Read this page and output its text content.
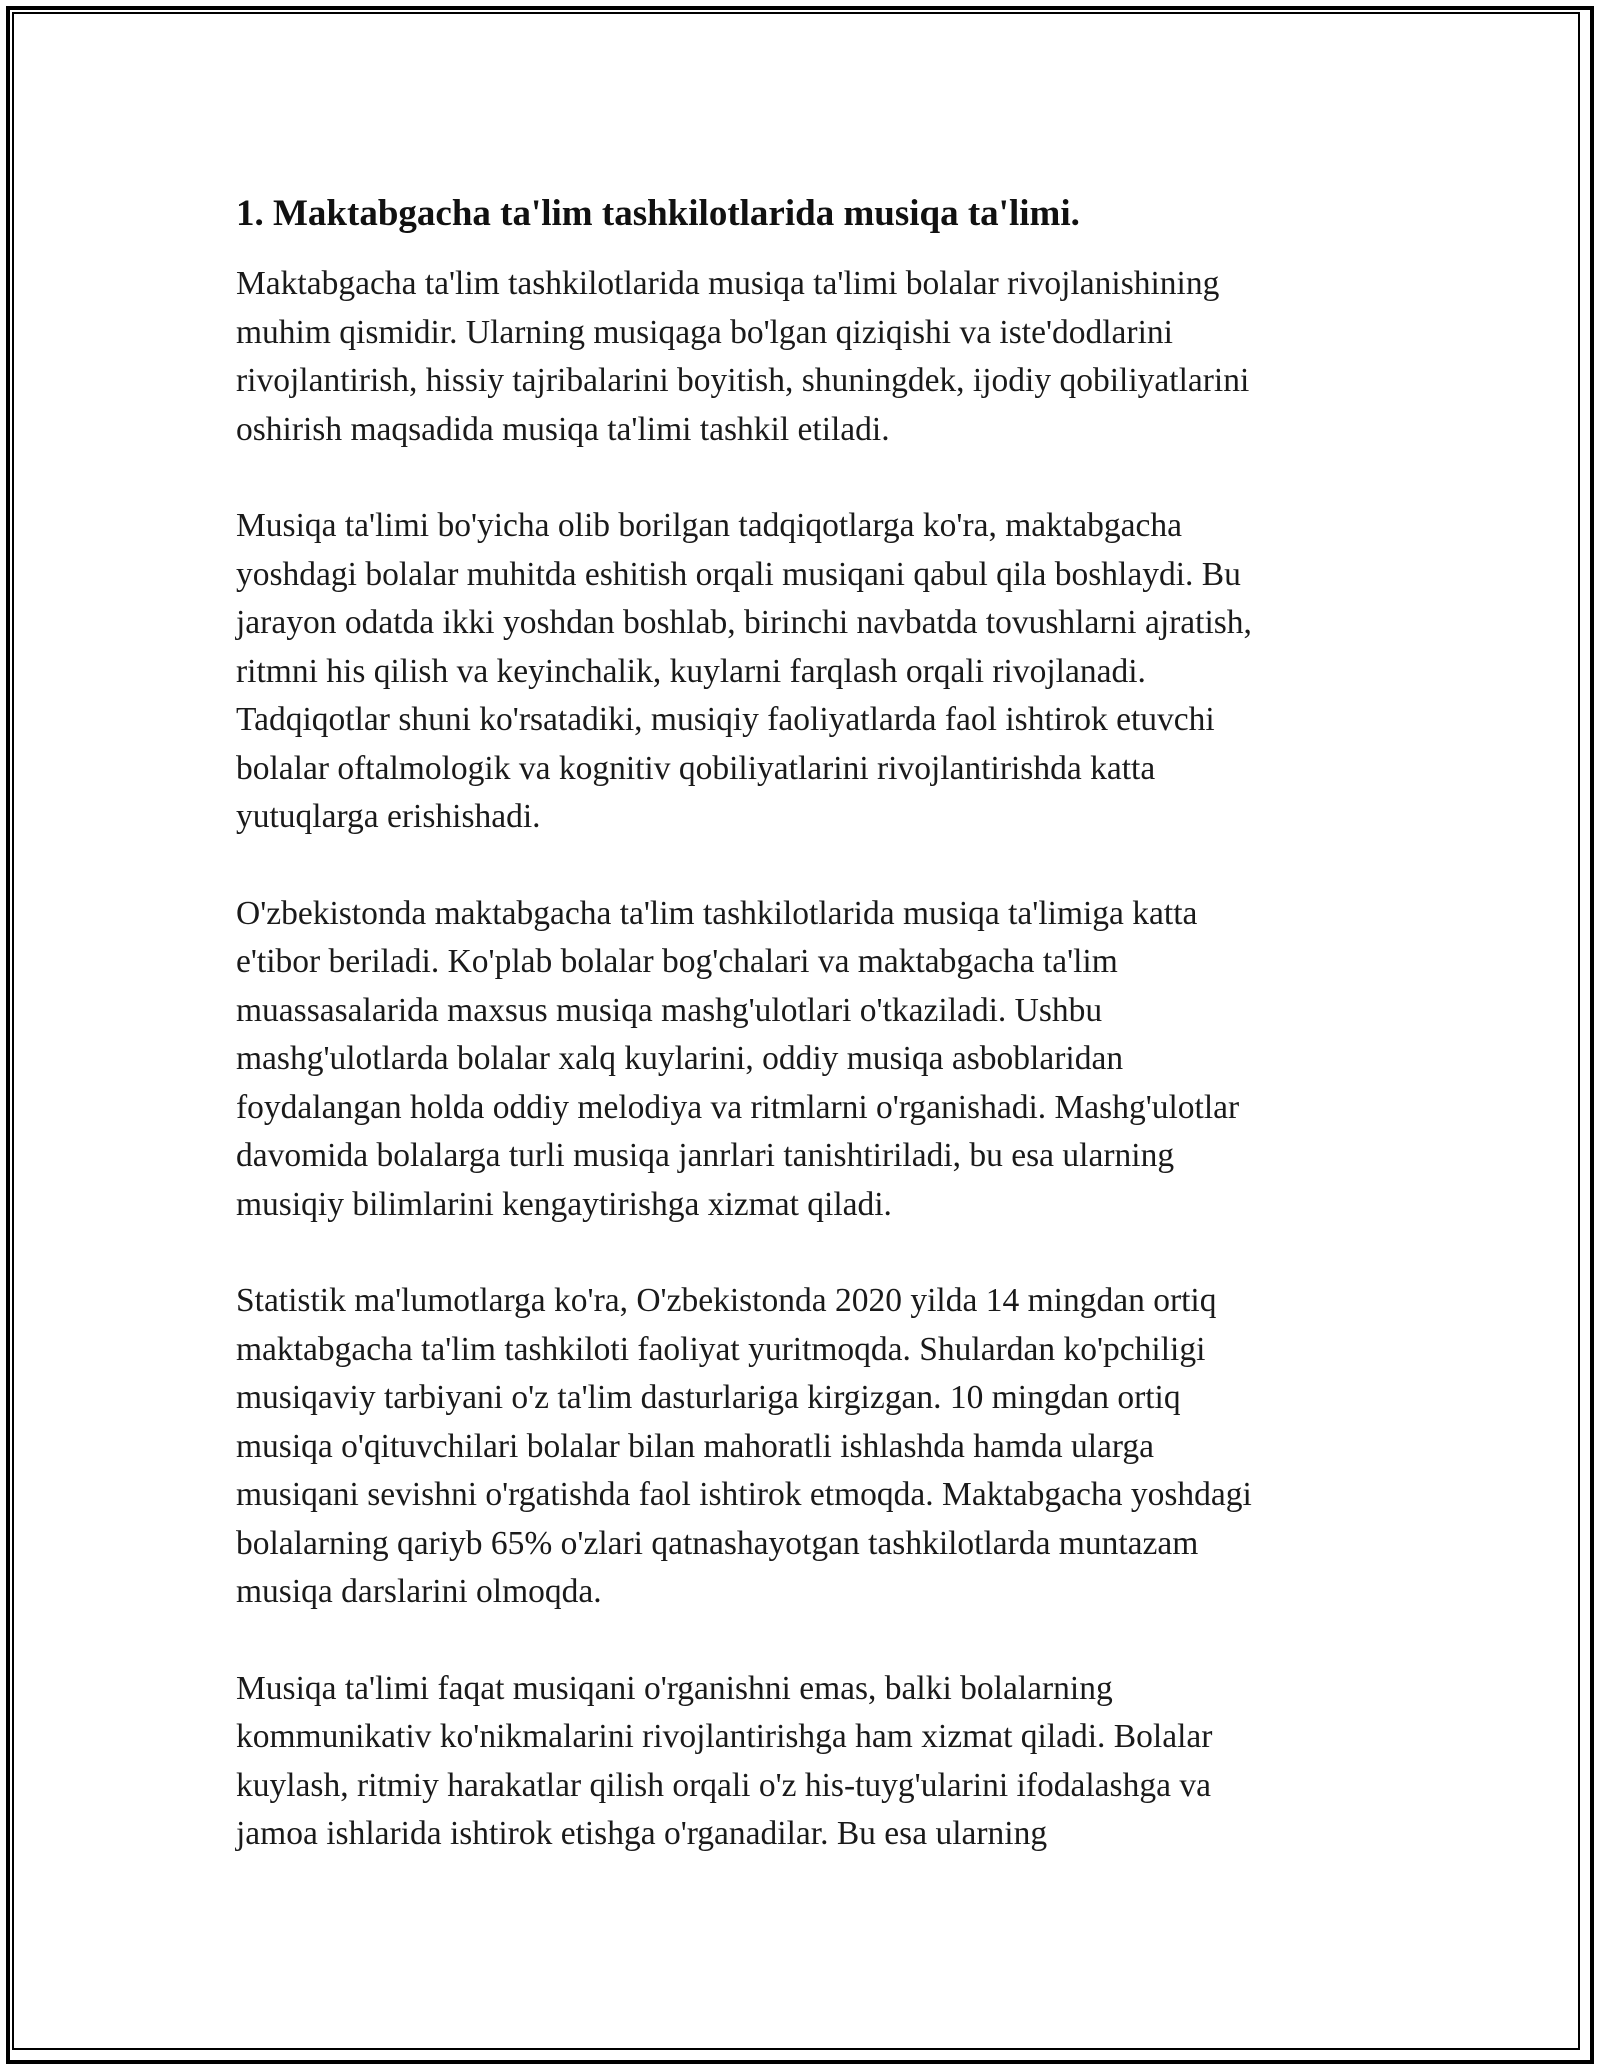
1. Maktabgacha ta'lim tashkilotlarida musiqa ta'limi.

Maktabgacha ta'lim tashkilotlarida musiqa ta'limi bolalar rivojlanishining
muhim qismidir. Ularning musiqaga bo'lgan qiziqishi va iste'dodlarini
rivojlantirish, hissiy tajribalarini boyitish, shuningdek, ijodiy qobiliyatlarini
oshirish maqsadida musiqa ta'limi tashkil etiladi.

Musiqa ta'limi bo'yicha olib borilgan tadqiqotlarga ko'ra, maktabgacha
yoshdagi bolalar muhitda eshitish orqali musiqani qabul qila boshlaydi. Bu
jarayon odatda ikki yoshdan boshlab, birinchi navbatda tovushlarni ajratish,
ritmni his qilish va keyinchalik, kuylarni farqlash orqali rivojlanadi.
Tadqiqotlar shuni ko'rsatadiki, musiqiy faoliyatlarda faol ishtirok etuvchi
bolalar oftalmologik va kognitiv qobiliyatlarini rivojlantirishda katta
yutuqlarga erishishadi.

O'zbekistonda maktabgacha ta'lim tashkilotlarida musiqa ta'limiga katta
e'tibor beriladi. Ko'plab bolalar bog'chalari va maktabgacha ta'lim
muassasalarida maxsus musiqa mashg'ulotlari o'tkaziladi. Ushbu
mashg'ulotlarda bolalar xalq kuylarini, oddiy musiqa asboblaridan
foydalangan holda oddiy melodiya va ritmlarni o'rganishadi. Mashg'ulotlar
davomida bolalarga turli musiqa janrlari tanishtiriladi, bu esa ularning
musiqiy bilimlarini kengaytirishga xizmat qiladi.

Statistik ma'lumotlarga ko'ra, O'zbekistonda 2020 yilda 14 mingdan ortiq
maktabgacha ta'lim tashkiloti faoliyat yuritmoqda. Shulardan ko'pchiligi
musiqaviy tarbiyani o'z ta'lim dasturlariga kirgizgan. 10 mingdan ortiq
musiqa o'qituvchilari bolalar bilan mahoratli ishlashda hamda ularga
musiqani sevishni o'rgatishda faol ishtirok etmoqda. Maktabgacha yoshdagi
bolalarning qariyb 65% o'zlari qatnashayotgan tashkilotlarda muntazam
musiqa darslarini olmoqda.

Musiqa ta'limi faqat musiqani o'rganishni emas, balki bolalarning
kommunikativ ko'nikmalarini rivojlantirishga ham xizmat qiladi. Bolalar
kuylash, ritmiy harakatlar qilish orqali o'z his-tuyg'ularini ifodalashga va
jamoa ishlarida ishtirok etishga o'rganadilar. Bu esa ularning
